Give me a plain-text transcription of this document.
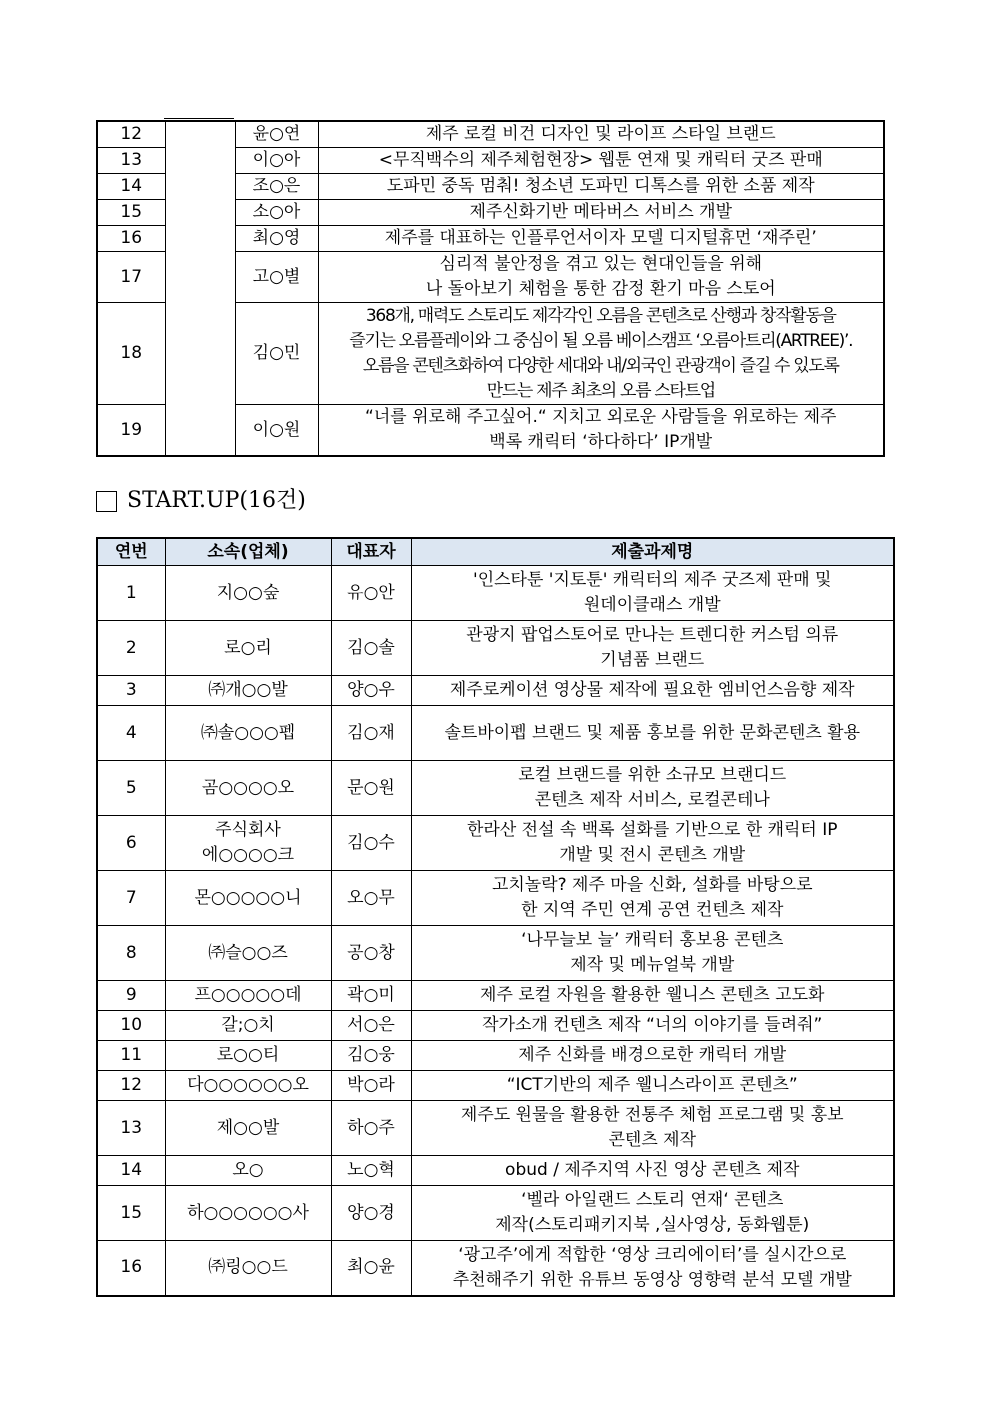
12		윤○연	제주 로컬 비건 디자인 및 라이프 스타일 브랜드
13		이○아	<무직백수의 제주체험현장> 웹툰 연재 및 캐릭터 굿즈 판매
14		조○은	도파민 중독 멈춰! 청소년 도파민 디톡스를 위한 소품 제작
15		소○아	제주신화기반 메타버스 서비스 개발
16		최○영	제주를 대표하는 인플루언서이자 모델 디지털휴먼 ‘재주린’
17		고○별	심리적 불안정을 겪고 있는 현대인들을 위해
나 돌아보기 체험을 통한 감정 환기 마음 스토어
18		김○민	368개, 매력도 스토리도 제각각인 오름을 콘텐츠로 산행과 창작활동을
즐기는 오름플레이와 그 중심이 될 오름 베이스캠프 ‘오름아트리(ARTREE)’.
오름을 콘텐츠화하여 다양한 세대와 내/외국인 관광객이 즐길 수 있도록
만드는 제주 최초의 오름 스타트업
19		이○원	“너를 위로해 주고싶어.“ 지치고 외로운 사람들을 위로하는 제주
백록 캐릭터 ‘하다하다’ IP개발
START.UP(16건)
연번	소속(업체)	대표자	제출과제명
1	지○○숲	유○안	'인스타툰 '지토툰' 캐릭터의 제주 굿즈제 판매 및
원데이클래스 개발
2	로○리	김○솔	관광지 팝업스토어로 만나는 트렌디한 커스텀 의류
기념품 브랜드
3	㈜개○○발	양○우	제주로케이션 영상물 제작에 필요한 엠비언스음향 제작
4	㈜솔○○○펩	김○재	솔트바이펩 브랜드 및 제품 홍보를 위한 문화콘텐츠 활용
5	곰○○○○오	문○원	로컬 브랜드를 위한 소규모 브랜디드
콘텐츠 제작 서비스, 로컬콘테나
6	주식회사
에○○○○크	김○수	한라산 전설 속 백록 설화를 기반으로 한 캐릭터 IP
개발 및 전시 콘텐츠 개발
7	몬○○○○○니	오○무	고치놀락? 제주 마을 신화, 설화를 바탕으로
한 지역 주민 연계 공연 컨텐츠 제작
8	㈜슬○○즈	공○창	‘나무늘보 늘’ 캐릭터 홍보용 콘텐츠
제작 및 메뉴얼북 개발
9	프○○○○○데	곽○미	제주 로컬 자원을 활용한 웰니스 콘텐츠 고도화
10	갈;○치	서○은	작가소개 컨텐츠 제작 “너의 이야기를 들려줘”
11	로○○티	김○웅	제주 신화를 배경으로한 캐릭터 개발
12	다○○○○○○오	박○라	“ICT기반의 제주 웰니스라이프 콘텐츠”
13	제○○발	하○주	제주도 원물을 활용한 전통주 체험 프로그램 및 홍보
콘텐츠 제작
14	오○	노○혁	obud / 제주지역 사진 영상 콘텐츠 제작
15	하○○○○○○사	양○경	‘벨라 아일랜드 스토리 연재‘ 콘텐츠
제작(스토리패키지북 ,실사영상, 동화웹툰)
16	㈜링○○드	최○윤	‘광고주’에게 적합한 ‘영상 크리에이터’를 실시간으로
추천해주기 위한 유튜브 동영상 영향력 분석 모델 개발
